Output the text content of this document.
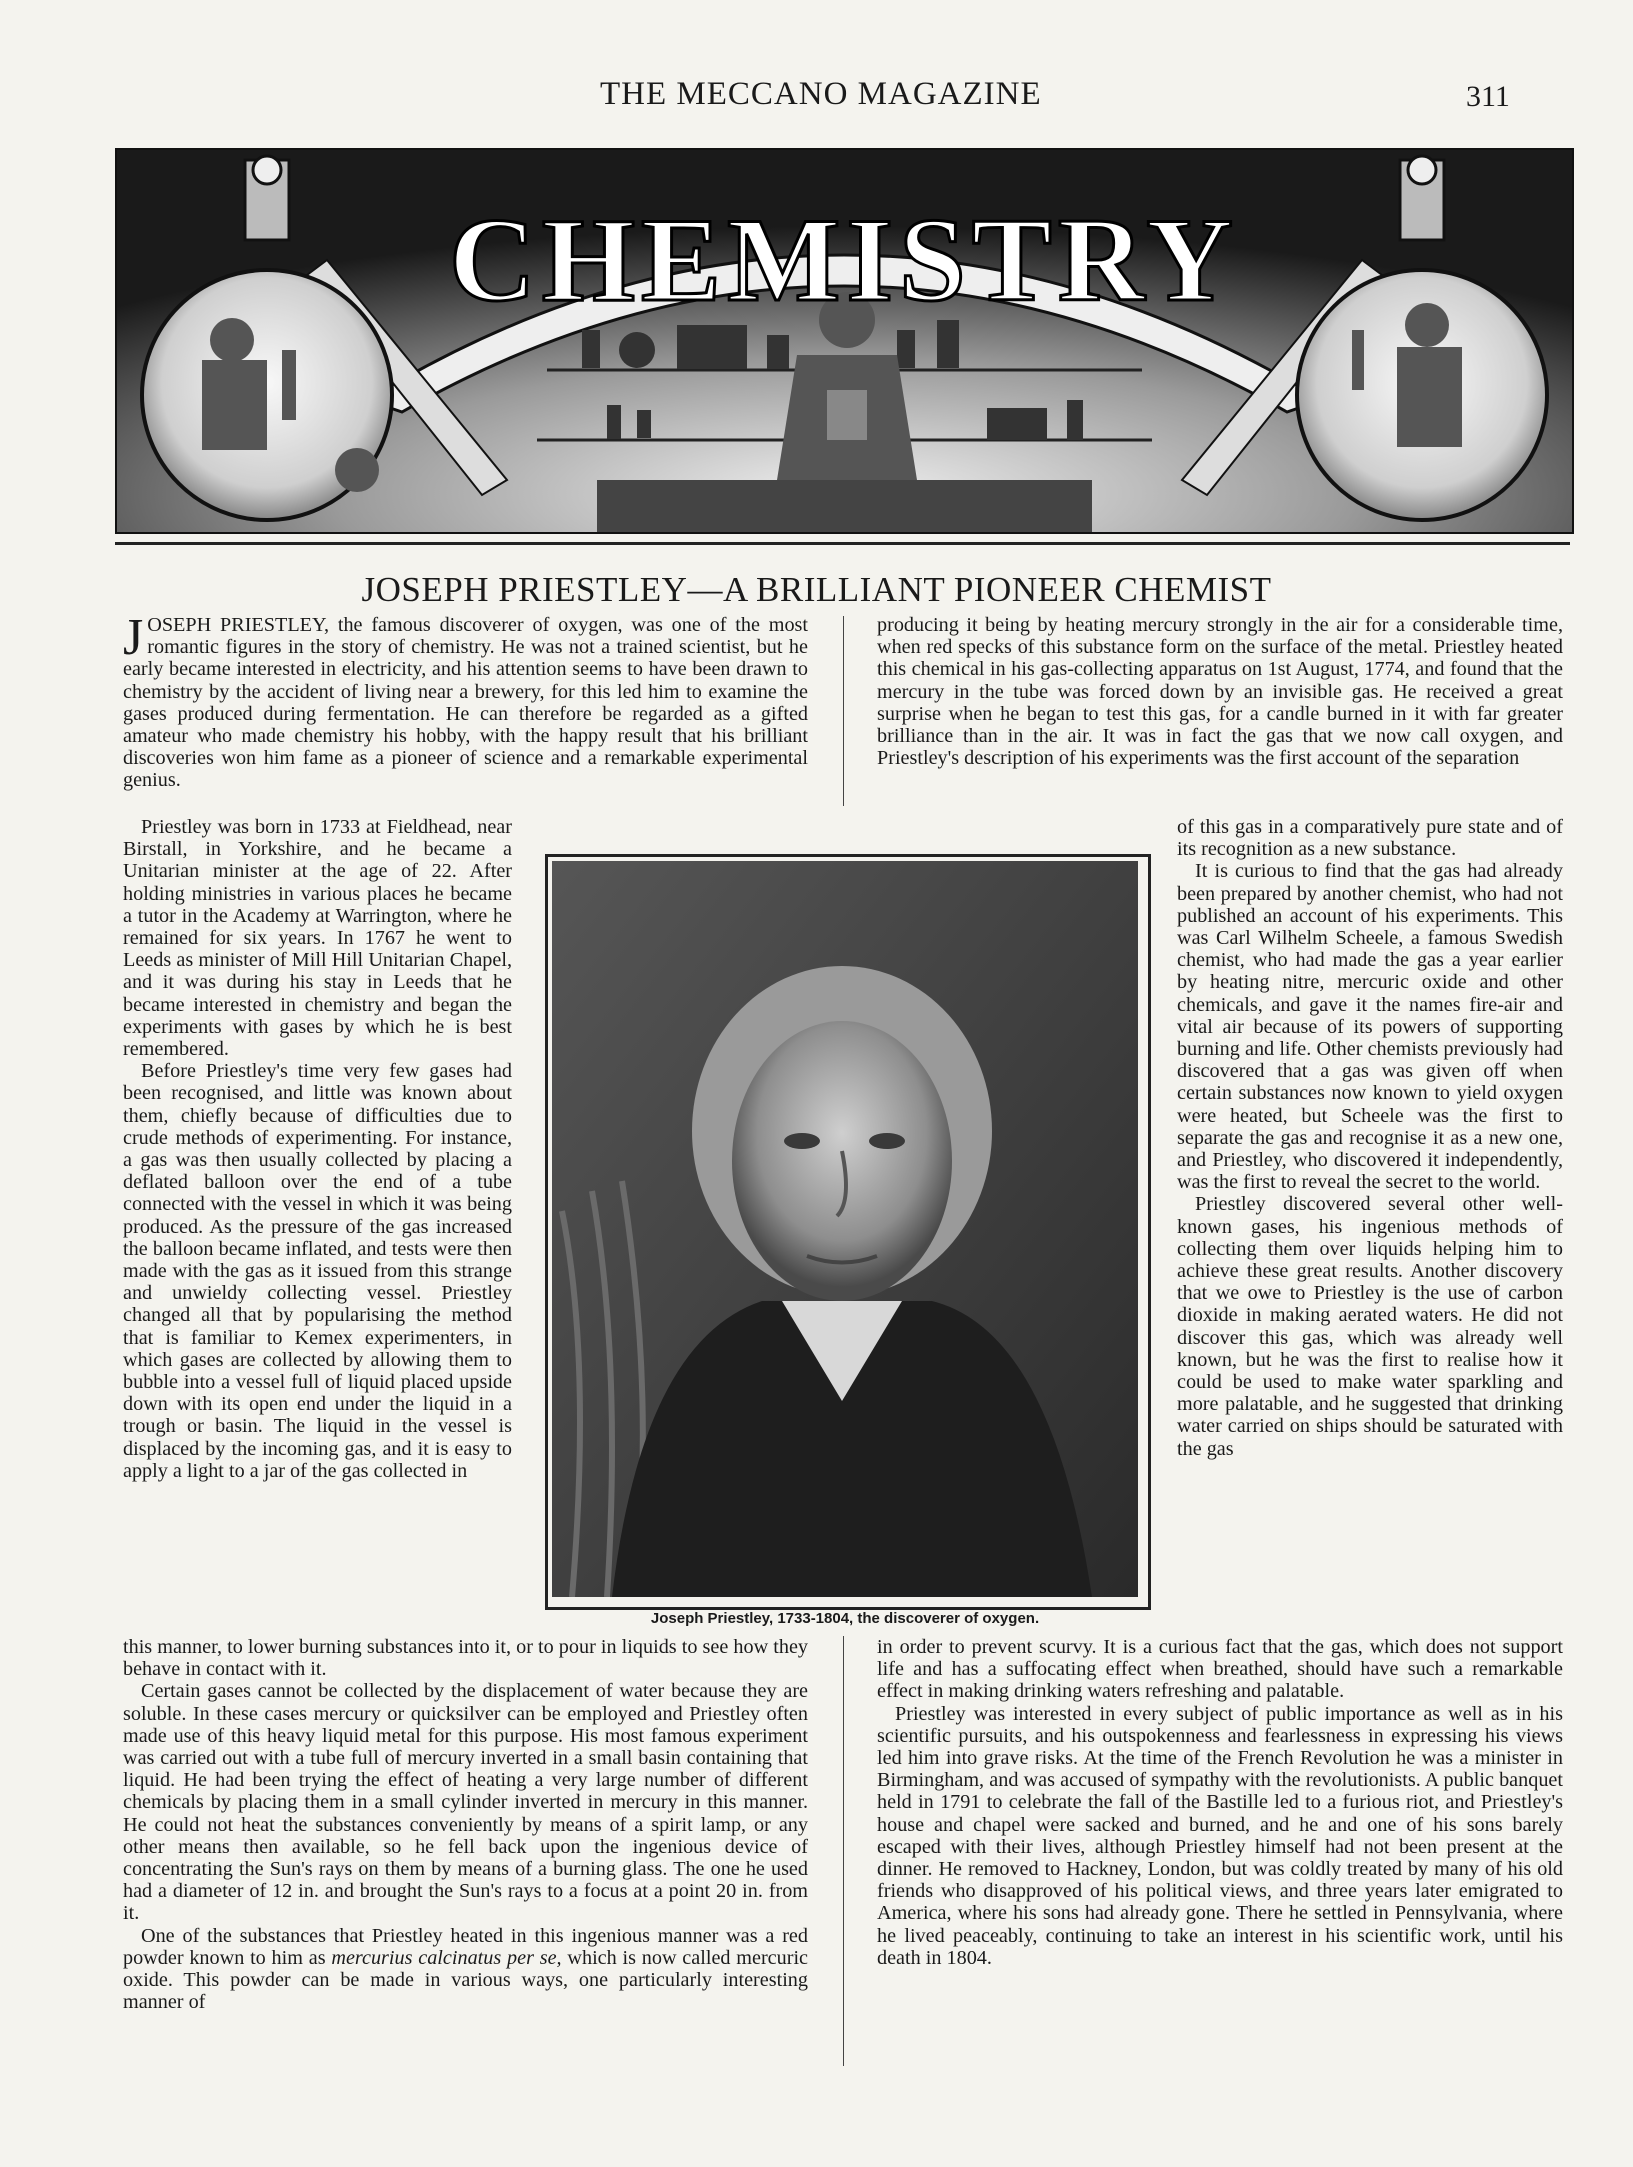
THE MECCANO MAGAZINE	311
CHEMISTRY
JOSEPH PRIESTLEY—A BRILLIANT PIONEER CHEMIST

JOSEPH PRIESTLEY, the famous discoverer of oxygen, was one of the most romantic figures in the story of chemistry. He was not a trained scientist, but he early became interested in electricity, and his attention seems to have been drawn to chemistry by the accident of living near a brewery, for this led him to examine the gases produced during fermentation. He can therefore be regarded as a gifted amateur who made chemistry his hobby, with the happy result that his brilliant discoveries won him fame as a pioneer of science and a remarkable experimental genius.

Priestley was born in 1733 at Fieldhead, near Birstall, in Yorkshire, and he became a Unitarian minister at the age of 22. After holding ministries in various places he became a tutor in the Academy at Warrington, where he remained for six years. In 1767 he went to Leeds as minister of Mill Hill Unitarian Chapel, and it was during his stay in Leeds that he became interested in chemistry and began the experiments with gases by which he is best remembered.

Before Priestley's time very few gases had been recognised, and little was known about them, chiefly because of difficulties due to crude methods of experimenting. For instance, a gas was then usually collected by placing a deflated balloon over the end of a tube connected with the vessel in which it was being produced. As the pressure of the gas increased the balloon became inflated, and tests were then made with the gas as it issued from this strange and unwieldy collecting vessel. Priestley changed all that by popularising the method that is familiar to Kemex experimenters, in which gases are collected by allowing them to bubble into a vessel full of liquid placed upside down with its open end under the liquid in a trough or basin. The liquid in the vessel is displaced by the incoming gas, and it is easy to apply a light to a jar of the gas collected in

this manner, to lower burning substances into it, or to pour in liquids to see how they behave in contact with it.

Certain gases cannot be collected by the displacement of water because they are soluble. In these cases mercury or quicksilver can be employed and Priestley often made use of this heavy liquid metal for this purpose. His most famous experiment was carried out with a tube full of mercury inverted in a small basin containing that liquid. He had been trying the effect of heating a very large number of different chemicals by placing them in a small cylinder inverted in mercury in this manner. He could not heat the substances conveniently by means of a spirit lamp, or any other means then available, so he fell back upon the ingenious device of concentrating the Sun's rays on them by means of a burning glass. The one he used had a diameter of 12 in. and brought the Sun's rays to a focus at a point 20 in. from it.

One of the substances that Priestley heated in this ingenious manner was a red powder known to him as mercurius calcinatus per se, which is now called mercuric oxide. This powder can be made in various ways, one particularly interesting manner of

producing it being by heating mercury strongly in the air for a considerable time, when red specks of this substance form on the surface of the metal. Priestley heated this chemical in his gas-collecting apparatus on 1st August, 1774, and found that the mercury in the tube was forced down by an invisible gas. He received a great surprise when he began to test this gas, for a candle burned in it with far greater brilliance than in the air. It was in fact the gas that we now call oxygen, and Priestley's description of his experiments was the first account of the separation

of this gas in a comparatively pure state and of its recognition as a new substance.

It is curious to find that the gas had already been prepared by another chemist, who had not published an account of his experiments. This was Carl Wilhelm Scheele, a famous Swedish chemist, who had made the gas a year earlier by heating nitre, mercuric oxide and other chemicals, and gave it the names fire-air and vital air because of its powers of supporting burning and life. Other chemists previously had discovered that a gas was given off when certain substances now known to yield oxygen were heated, but Scheele was the first to separate the gas and recognise it as a new one, and Priestley, who discovered it independently, was the first to reveal the secret to the world.

Priestley discovered several other well-known gases, his ingenious methods of collecting them over liquids helping him to achieve these great results. Another discovery that we owe to Priestley is the use of carbon dioxide in making aerated waters. He did not discover this gas, which was already well known, but he was the first to realise how it could be used to make water sparkling and more palatable, and he suggested that drinking water carried on ships should be saturated with the gas

in order to prevent scurvy. It is a curious fact that the gas, which does not support life and has a suffocating effect when breathed, should have such a remarkable effect in making drinking waters refreshing and palatable.

Priestley was interested in every subject of public importance as well as in his scientific pursuits, and his outspokenness and fearlessness in expressing his views led him into grave risks. At the time of the French Revolution he was a minister in Birmingham, and was accused of sympathy with the revolutionists. A public banquet held in 1791 to celebrate the fall of the Bastille led to a furious riot, and Priestley's house and chapel were sacked and burned, and he and one of his sons barely escaped with their lives, although Priestley himself had not been present at the dinner. He removed to Hackney, London, but was coldly treated by many of his old friends who disapproved of his political views, and three years later emigrated to America, where his sons had already gone. There he settled in Pennsylvania, where he lived peaceably, continuing to take an interest in his scientific work, until his death in 1804.

Joseph Priestley, 1733-1804, the discoverer of oxygen.
